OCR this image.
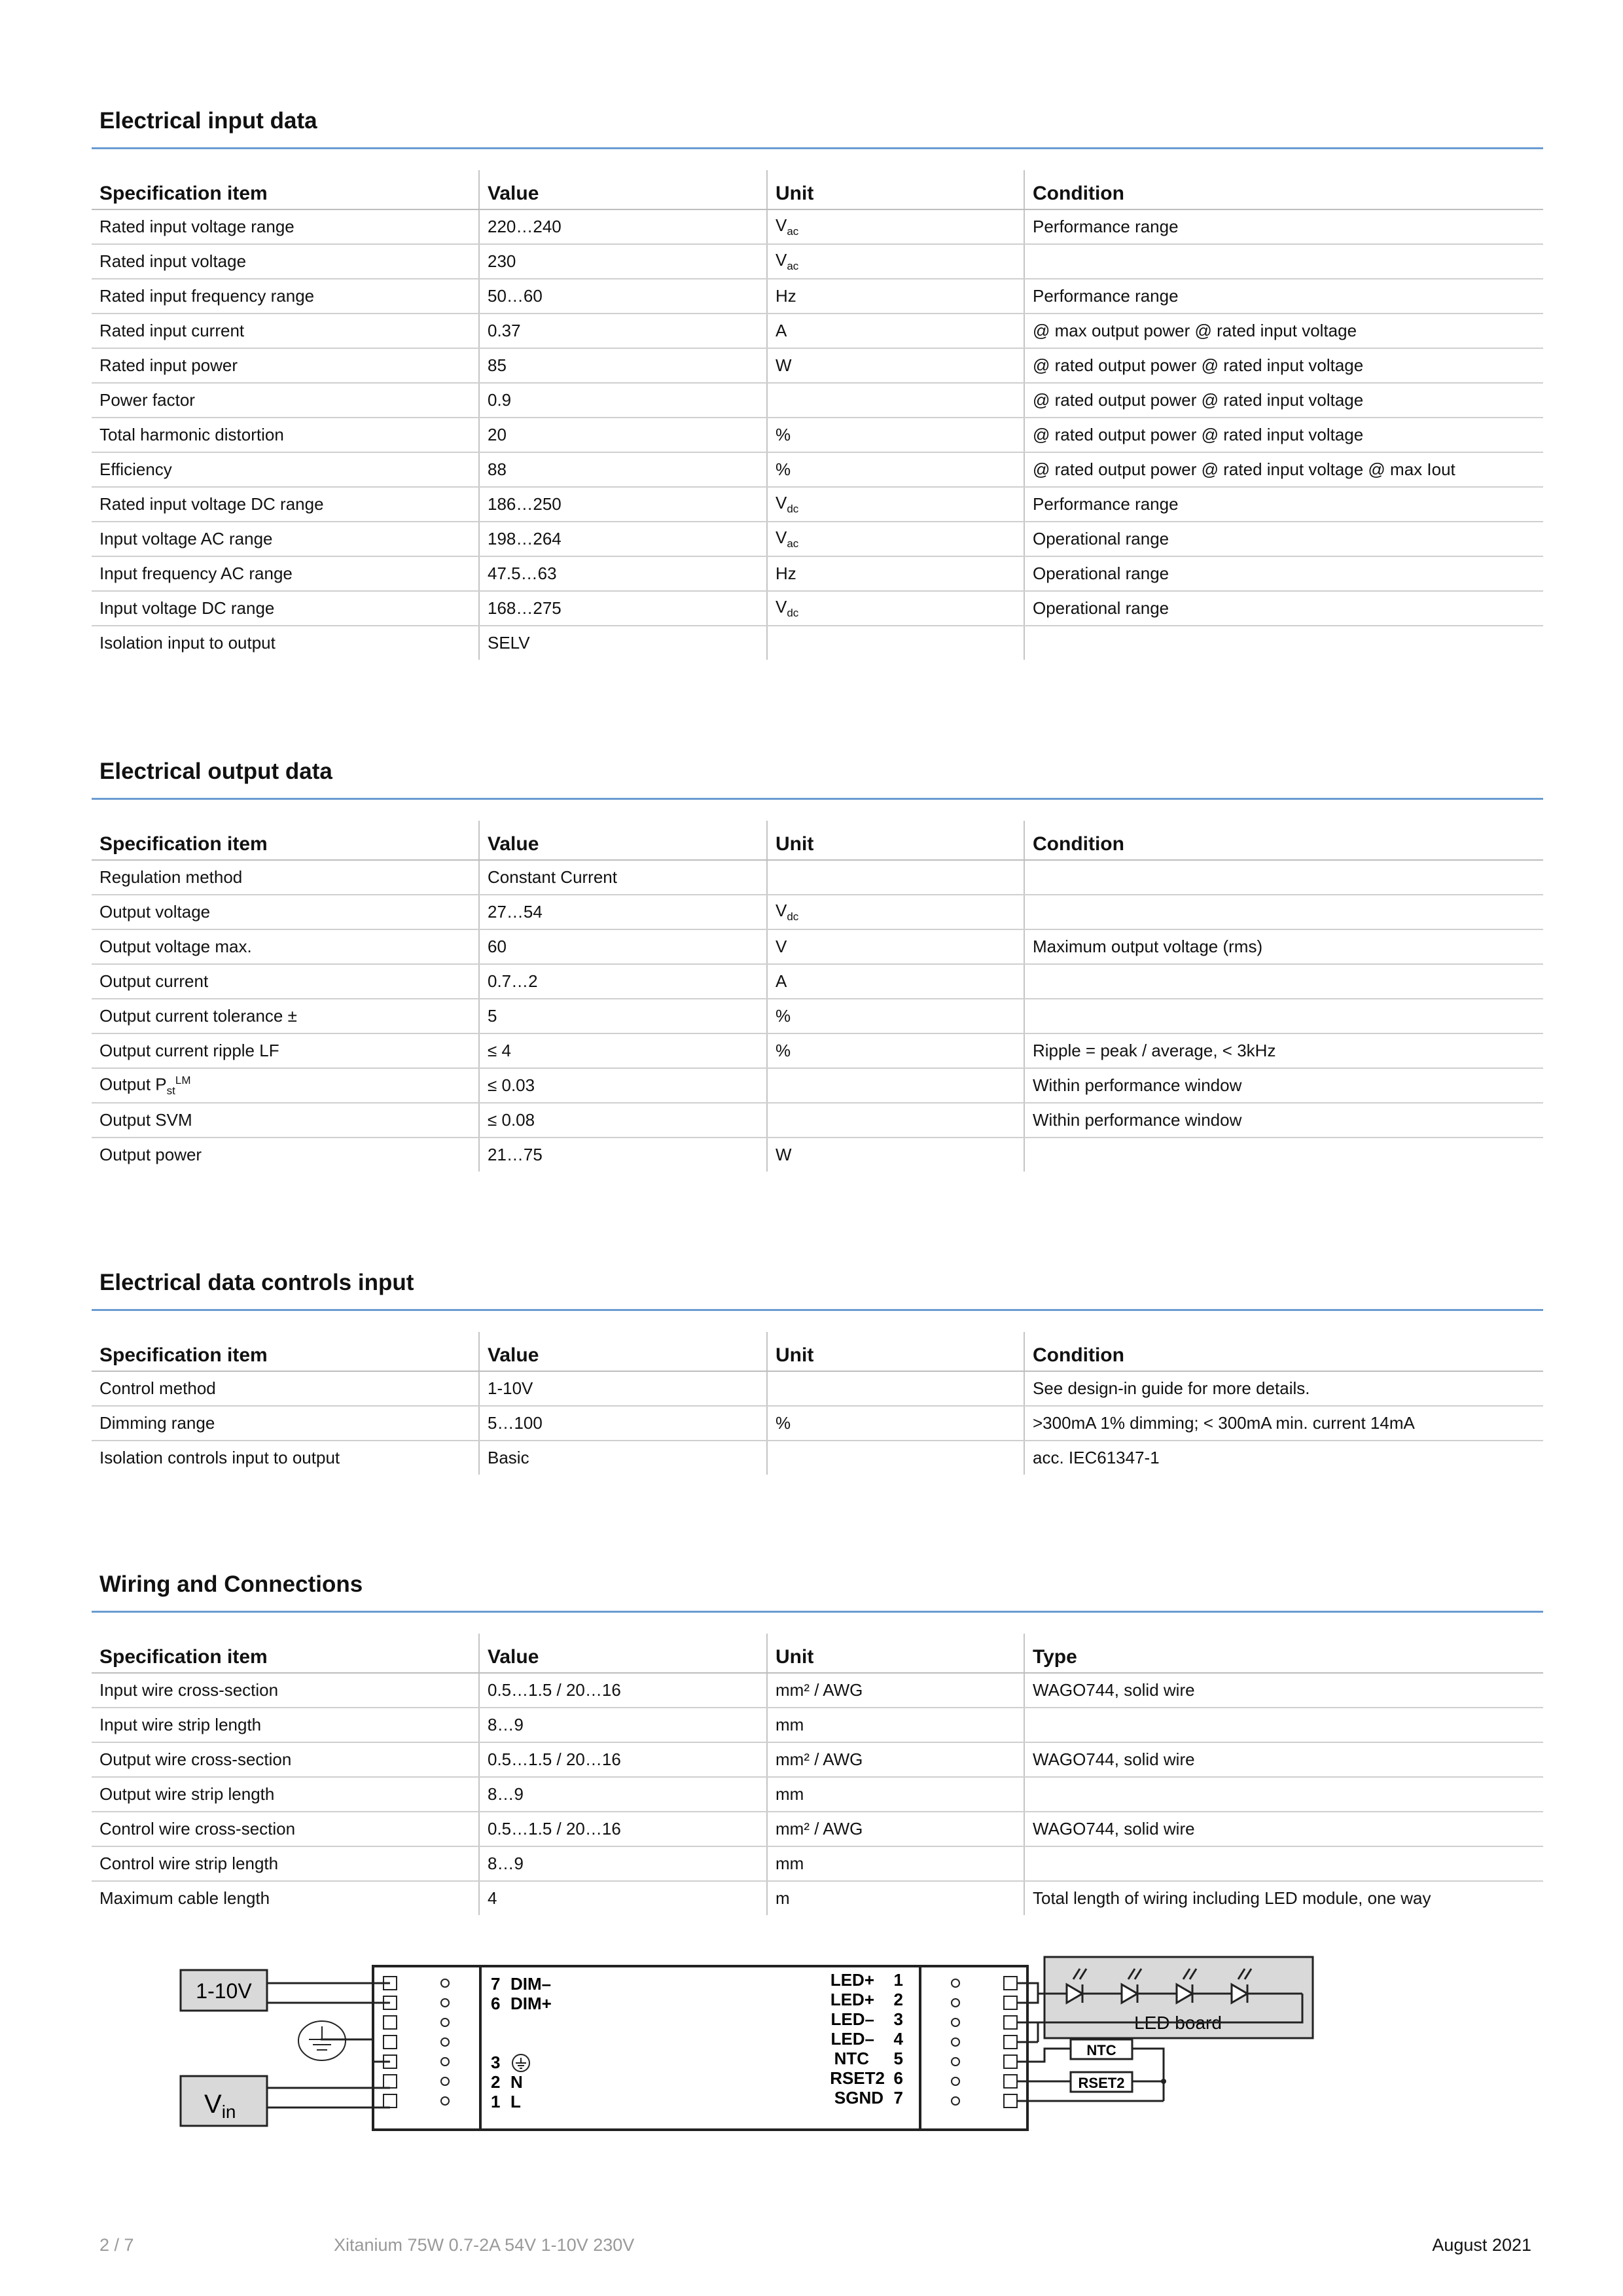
Electrical input data
Specification item	Value	Unit	Condition
Rated input voltage range	220…240	$V_{ac}$	Performance range
Rated input voltage	230	$V_{ac}$	
Rated input frequency range	50…60	Hz	Performance range
Rated input current	0.37	A	@ max output power @ rated input voltage
Rated input power	85	W	@ rated output power @ rated input voltage
Power factor	0.9		@ rated output power @ rated input voltage
Total harmonic distortion	20	%	@ rated output power @ rated input voltage
Efficiency	88	%	@ rated output power @ rated input voltage @ max Iout
Rated input voltage DC range	186…250	$V_{dc}$	Performance range
Input voltage AC range	198…264	$V_{ac}$	Operational range
Input frequency AC range	47.5…63	Hz	Operational range
Input voltage DC range	168…275	$V_{dc}$	Operational range
Isolation input to output	SELV		
Electrical output data
Specification item	Value	Unit	Condition
Regulation method	Constant Current		
Output voltage	27…54	$V_{dc}$	
Output voltage max.	60	V	Maximum output voltage (rms)
Output current	0.7…2	A	
Output current tolerance ±	5	%	
Output current ripple LF	≤ 4	%	Ripple = peak / average, < 3kHz
Output $P_{st}^{LM}$	≤ 0.03		Within performance window
Output SVM	≤ 0.08		Within performance window
Output power	21…75	W	
Electrical data controls input
Specification item	Value	Unit	Condition
Control method	1-10V		See design-in guide for more details.
Dimming range	5…100	%	>300mA 1% dimming; < 300mA min. current 14mA
Isolation controls input to output	Basic		acc. IEC61347-1
Wiring and Connections
Specification item	Value	Unit	Type
Input wire cross-section	0.5…1.5 / 20…16	mm² / AWG	WAGO744, solid wire
Input wire strip length	8…9	mm	
Output wire cross-section	0.5…1.5 / 20…16	mm² / AWG	WAGO744, solid wire
Output wire strip length	8…9	mm	
Control wire cross-section	0.5…1.5 / 20…16	mm² / AWG	WAGO744, solid wire
Control wire strip length	8…9	mm	
Maximum cable length	4	m	Total length of wiring including LED module, one way
1-10V
$V_{in}$
7 DIM–
6 DIM+
3
2 N
1 L
LED+ 1
LED+ 2
LED– 3
LED– 4
NTC 5
RSET2 6
SGND 7
LED board
NTC
RSET2
2 / 7	Xitanium 75W 0.7-2A 54V 1-10V 230V	August 2021
